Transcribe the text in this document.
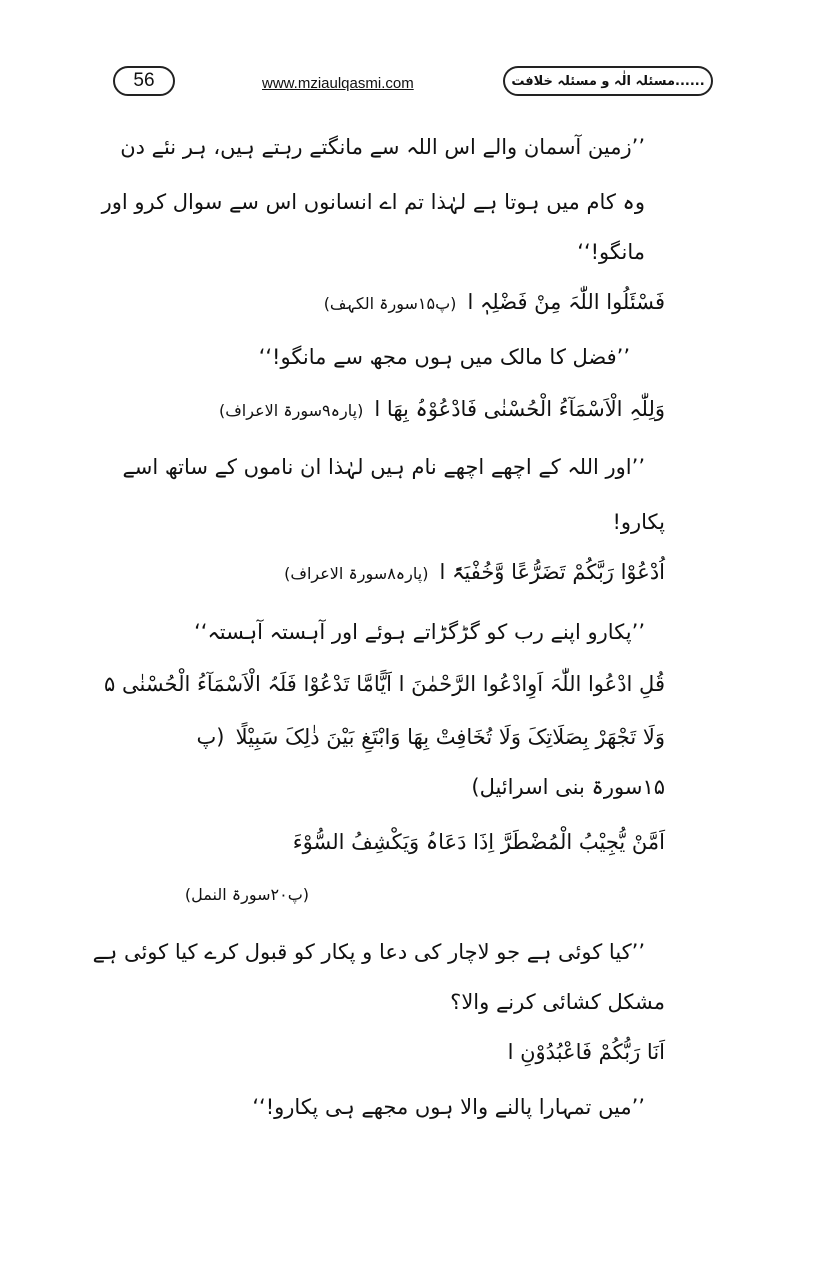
56	www.mziaulqasmi.com	مسئلہ الٰہ و مسئلہ خلافت......
’’زمین آسمان والے اس اللہ سے مانگتے رہتے ہیں، ہر نئے دن
وہ کام میں ہوتا ہے لہٰذا تم اے انسانوں اس سے سوال کرو اور
مانگو!‘‘
فَسْئَلُوا اللّٰہَ مِنْ فَضْلِہٖ ا (پ۱۵سورۃ الکہف)
’’فضل کا مالک میں ہوں مجھ سے مانگو!‘‘
وَلِلّٰہِ الْاَسْمَآءُ الْحُسْنٰی فَادْعُوْہُ بِھَا ا (پارہ۹سورۃ الاعراف)
’’اور اللہ کے اچھے اچھے نام ہیں لہٰذا ان ناموں کے ساتھ اسے
پکارو!
اُدْعُوْا رَبَّکُمْ تَضَرُّعًا وَّخُفْیَۃً ا (پارہ۸سورۃ الاعراف)
’’پکارو اپنے رب کو گڑگڑاتے ہوئے اور آہستہ آہستہ‘‘
قُلِ ادْعُوا اللّٰہَ اَوِادْعُوا الرَّحْمٰنَ ا اَیًّامَّا تَدْعُوْا فَلَہُ الْاَسْمَآءُ الْحُسْنٰی ۵
وَلَا تَجْھَرْ بِصَلَاتِکَ وَلَا تُخَافِتْ بِھَا وَابْتَغِ بَیْنَ ذٰلِکَ سَبِیْلًا (پ
۱۵سورۃ بنی اسرائیل)
اَمَّنْ یُّجِیْبُ الْمُضْطَرَّ اِذَا دَعَاہُ وَیَکْشِفُ السُّوْءَ
(پ۲۰سورۃ النمل)
’’کیا کوئی ہے جو لاچار کی دعا و پکار کو قبول کرے کیا کوئی ہے
مشکل کشائی کرنے والا؟
اَنَا رَبُّکُمْ فَاعْبُدُوْنِ ا
’’میں تمہارا پالنے والا ہوں مجھے ہی پکارو!‘‘
